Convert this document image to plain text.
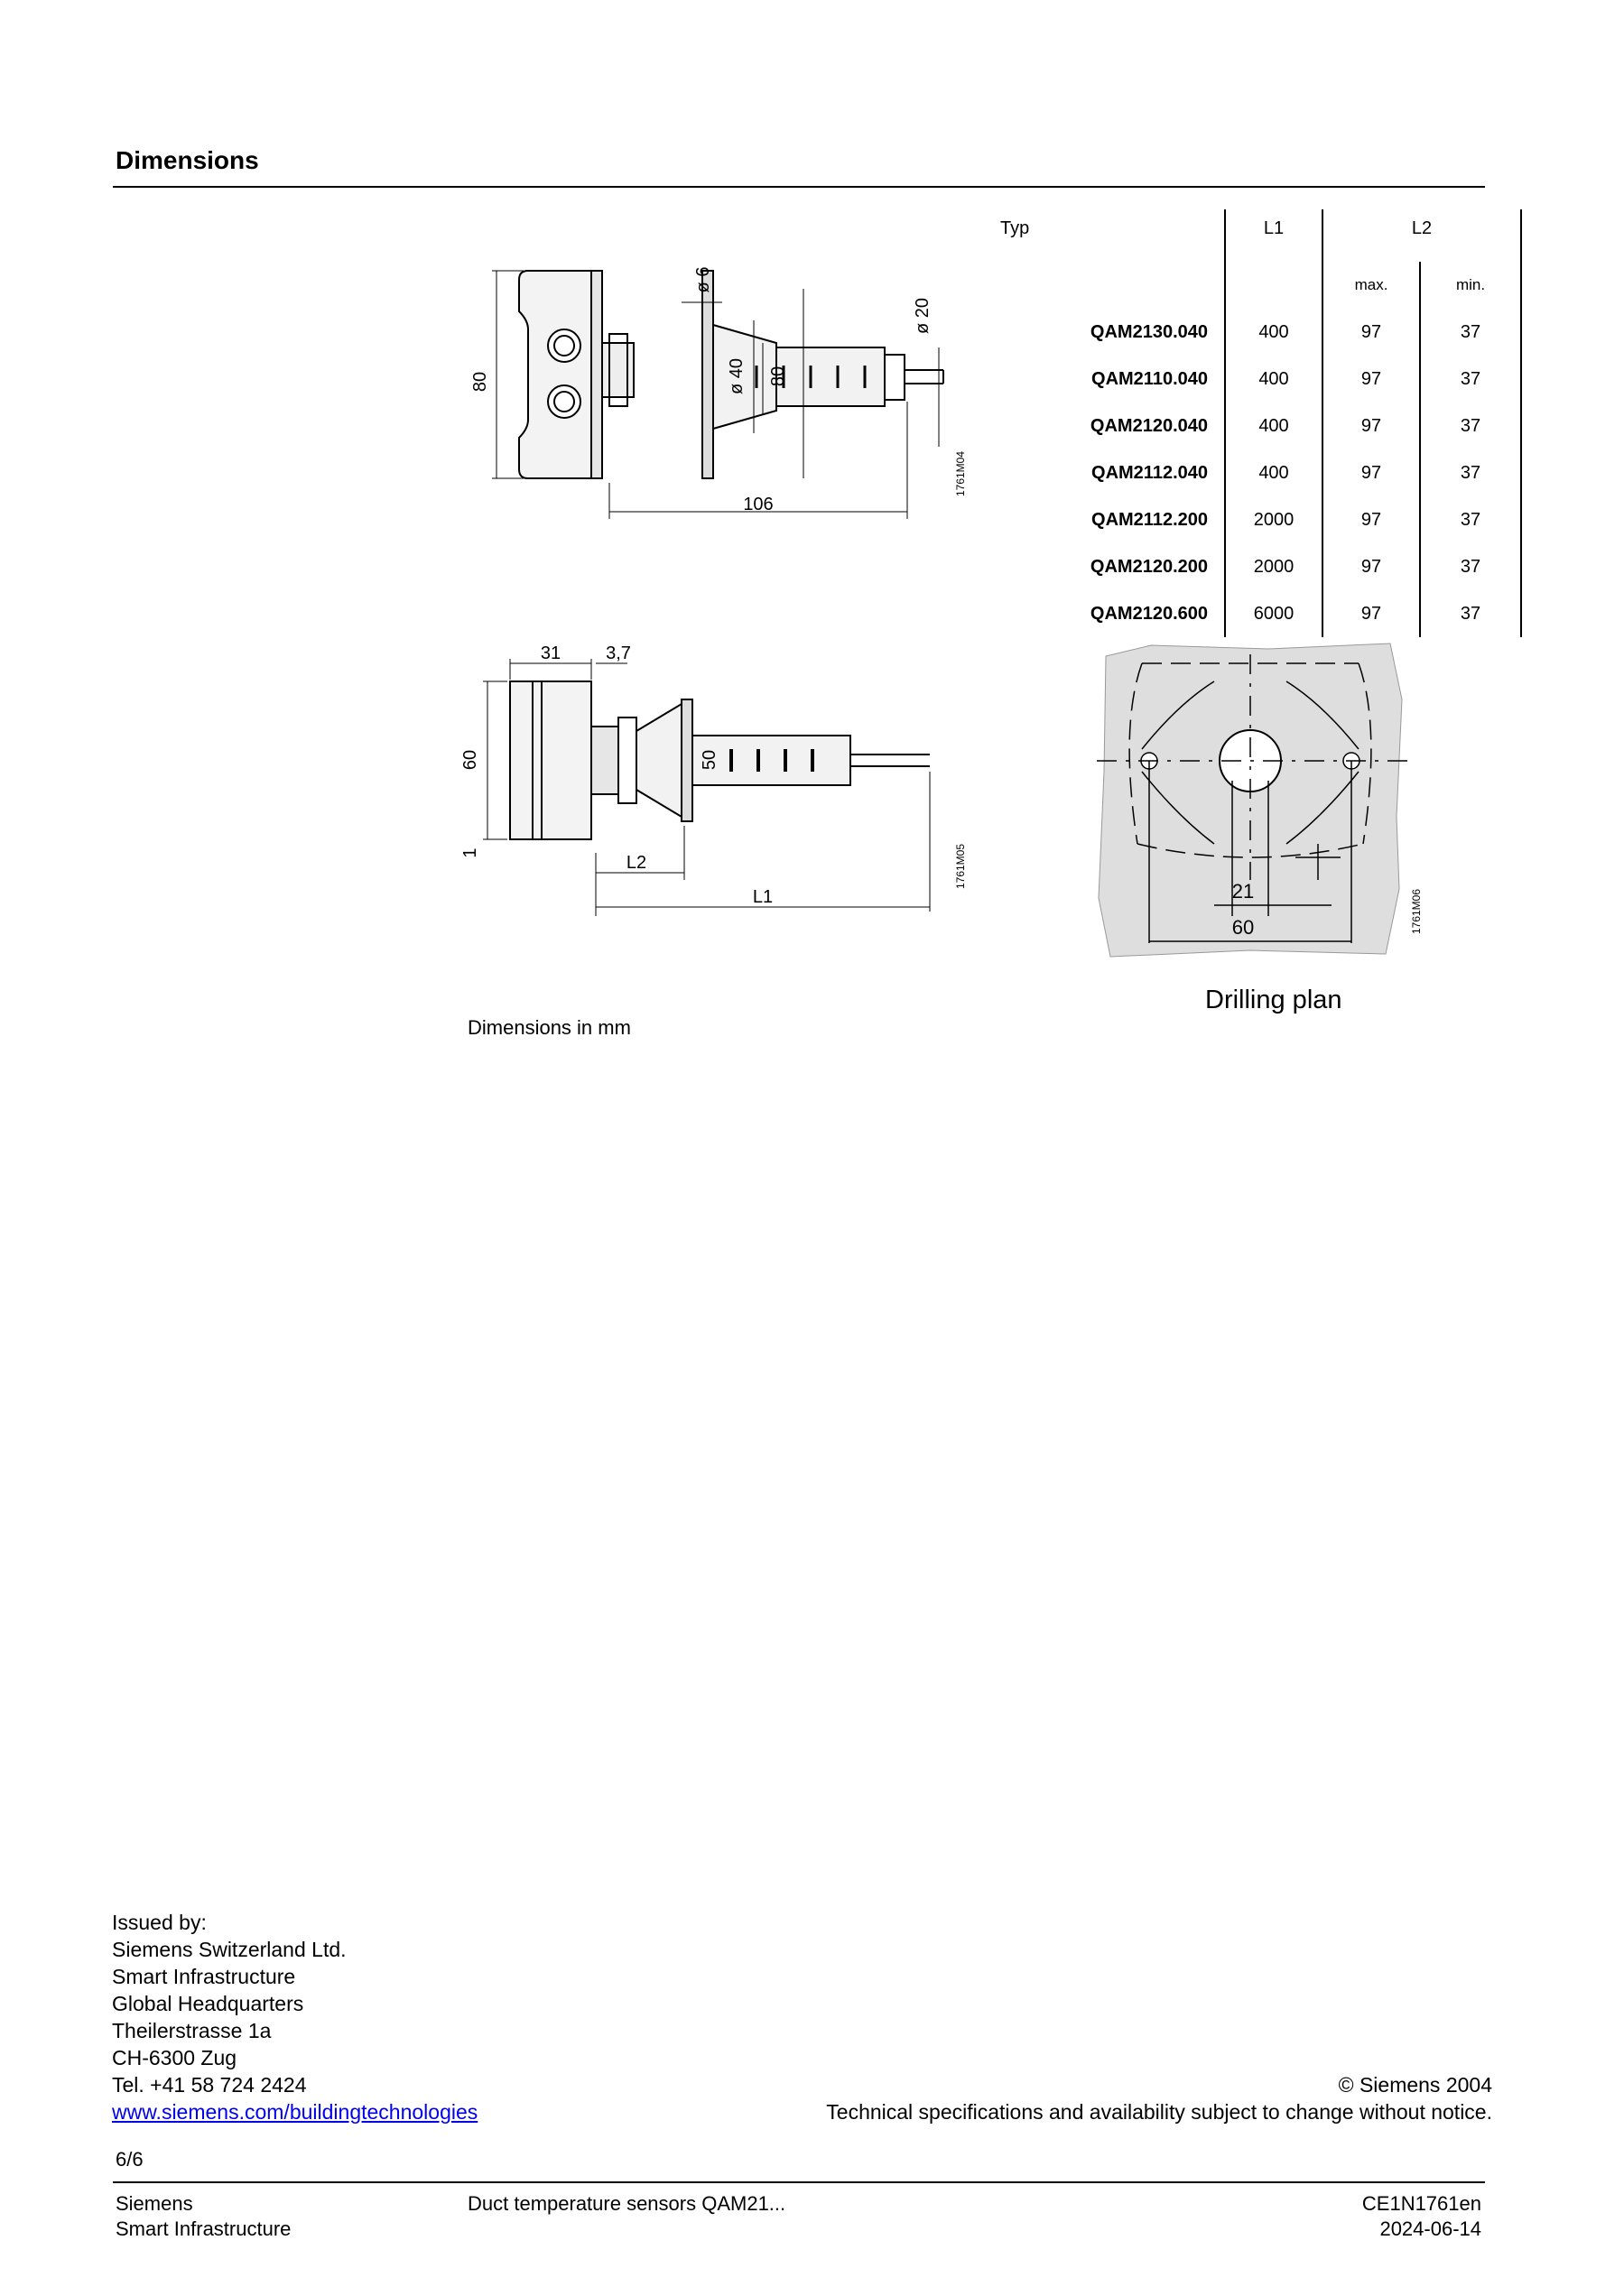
Dimensions
Typ	L1	L2	
		max.	min.
QAM2130.040	400	97	37
QAM2110.040	400	97	37
QAM2120.040	400	97	37
QAM2112.040	400	97	37
QAM2112.200	2000	97	37
QAM2120.200	2000	97	37
QAM2120.600	6000	97	37
80
106
ø 6
ø 20
ø 40 80
1761M04
31 3,7
60	50
1	L2
L1
1761M05
21
60	1761M06
Drilling plan
Dimensions in mm
Issued by:
Siemens Switzerland Ltd.
Smart Infrastructure
Global Headquarters
Theilerstrasse 1a
CH-6300 Zug
Tel. +41 58 724 2424
www.siemens.com/buildingtechnologies
© Siemens 2004
Technical specifications and availability subject to change without notice.
6/6
Siemens
Smart Infrastructure
Duct temperature sensors QAM21...	CE1N1761en
2024-06-14
